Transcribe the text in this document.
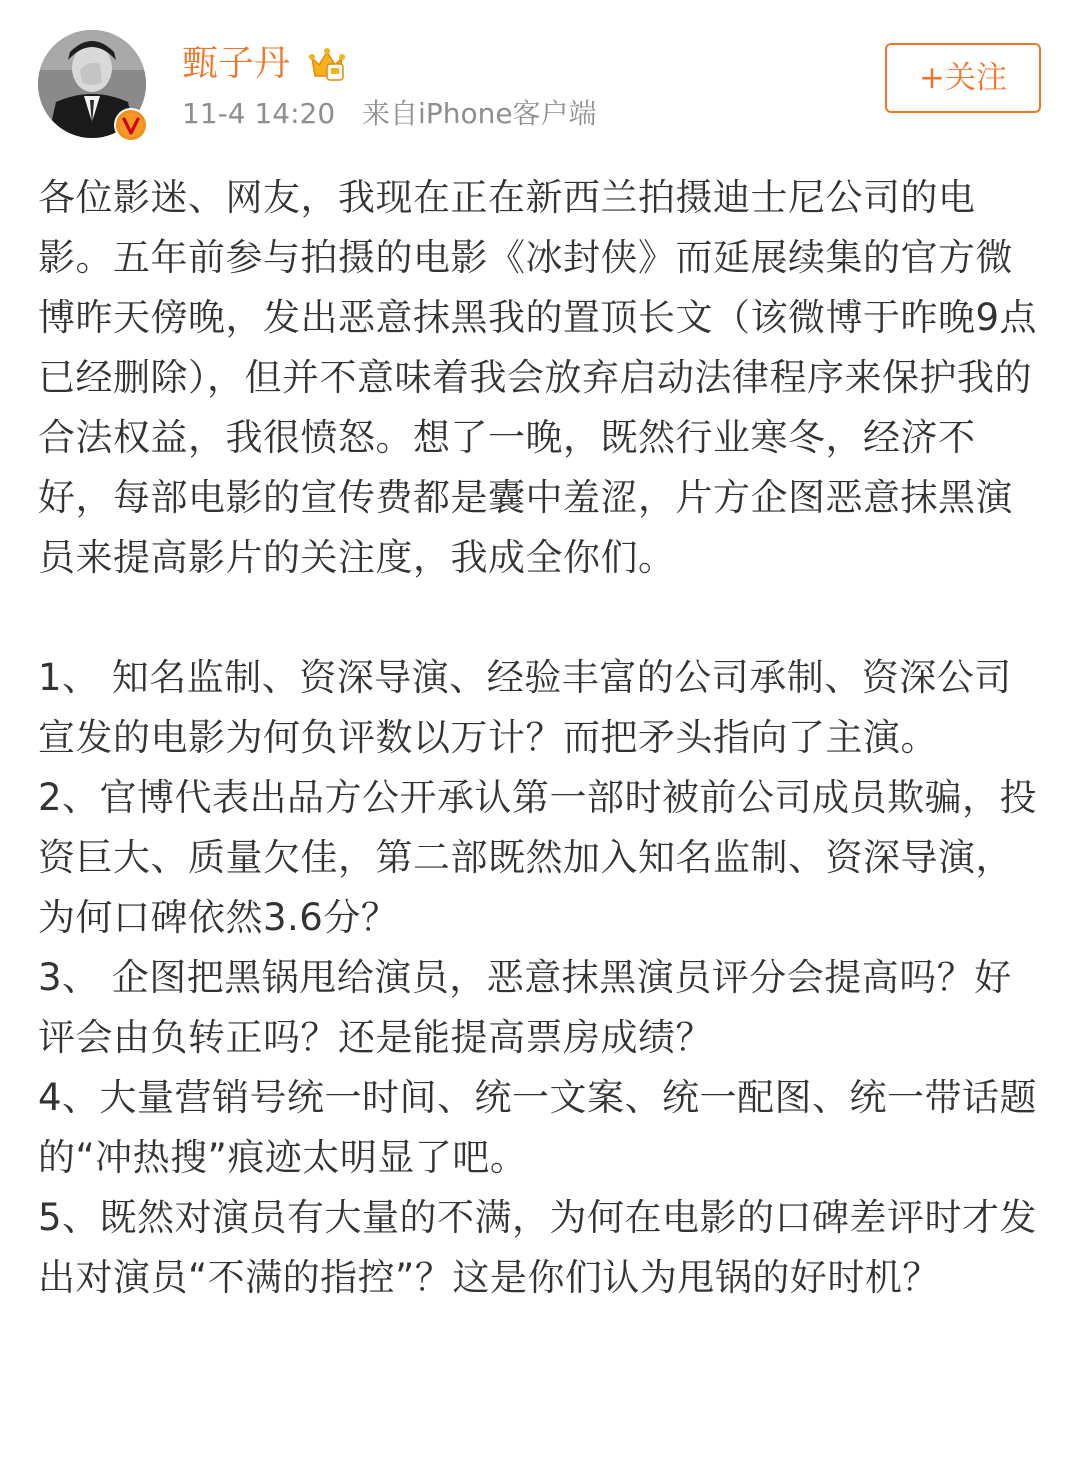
甄子丹
11-4 14:20 来自iPhone客户端
+关注

各位影迷、网友，我现在正在新西兰拍摄迪士尼公司的电影。五年前参与拍摄的电影《冰封侠》而延展续集的官方微博昨天傍晚，发出恶意抹黑我的置顶长文（该微博于昨晚9点已经删除），但并不意味着我会放弃启动法律程序来保护我的合法权益，我很愤怒。想了一晚，既然行业寒冬，经济不好，每部电影的宣传费都是囊中羞涩，片方企图恶意抹黑演员来提高影片的关注度，我成全你们。

1、 知名监制、资深导演、经验丰富的公司承制、资深公司宣发的电影为何负评数以万计？而把矛头指向了主演。

2、官博代表出品方公开承认第一部时被前公司成员欺骗，投资巨大、质量欠佳，第二部既然加入知名监制、资深导演，为何口碑依然3.6分？

3、 企图把黑锅甩给演员，恶意抹黑演员评分会提高吗？好评会由负转正吗？还是能提高票房成绩？

4、大量营销号统一时间、统一文案、统一配图、统一带话题的“冲热搜”痕迹太明显了吧。

5、既然对演员有大量的不满，为何在电影的口碑差评时才发出对演员“不满的指控”？这是你们认为甩锅的好时机？
